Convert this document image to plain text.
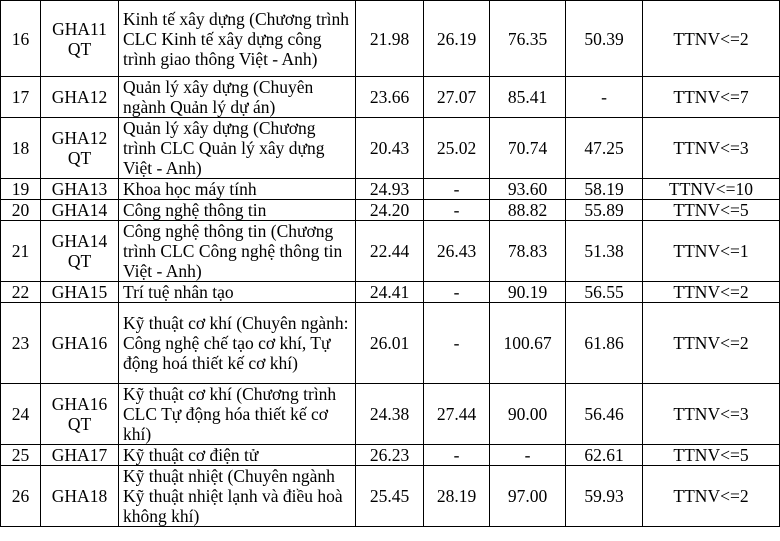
16	GHA11 QT	Kinh tế xây dựng (Chương trình CLC Kinh tế xây dựng công trình giao thông Việt - Anh)	21.98	26.19	76.35	50.39	TTNV<=2
17	GHA12	Quản lý xây dựng (Chuyên ngành Quản lý dự án)	23.66	27.07	85.41	-	TTNV<=7
18	GHA12 QT	Quản lý xây dựng (Chương trình CLC Quản lý xây dựng Việt - Anh)	20.43	25.02	70.74	47.25	TTNV<=3
19	GHA13	Khoa học máy tính	24.93	-	93.60	58.19	TTNV<=10
20	GHA14	Công nghệ thông tin	24.20	-	88.82	55.89	TTNV<=5
21	GHA14 QT	Công nghệ thông tin (Chương trình CLC Công nghệ thông tin Việt - Anh)	22.44	26.43	78.83	51.38	TTNV<=1
22	GHA15	Trí tuệ nhân tạo	24.41	-	90.19	56.55	TTNV<=2
23	GHA16	Kỹ thuật cơ khí (Chuyên ngành: Công nghệ chế tạo cơ khí, Tự động hoá thiết kế cơ khí)	26.01	-	100.67	61.86	TTNV<=2
24	GHA16 QT	Kỹ thuật cơ khí (Chương trình CLC Tự động hóa thiết kế cơ khí)	24.38	27.44	90.00	56.46	TTNV<=3
25	GHA17	Kỹ thuật cơ điện tử	26.23	-	-	62.61	TTNV<=5
26	GHA18	Kỹ thuật nhiệt (Chuyên ngành Kỹ thuật nhiệt lạnh và điều hoà không khí)	25.45	28.19	97.00	59.93	TTNV<=2
